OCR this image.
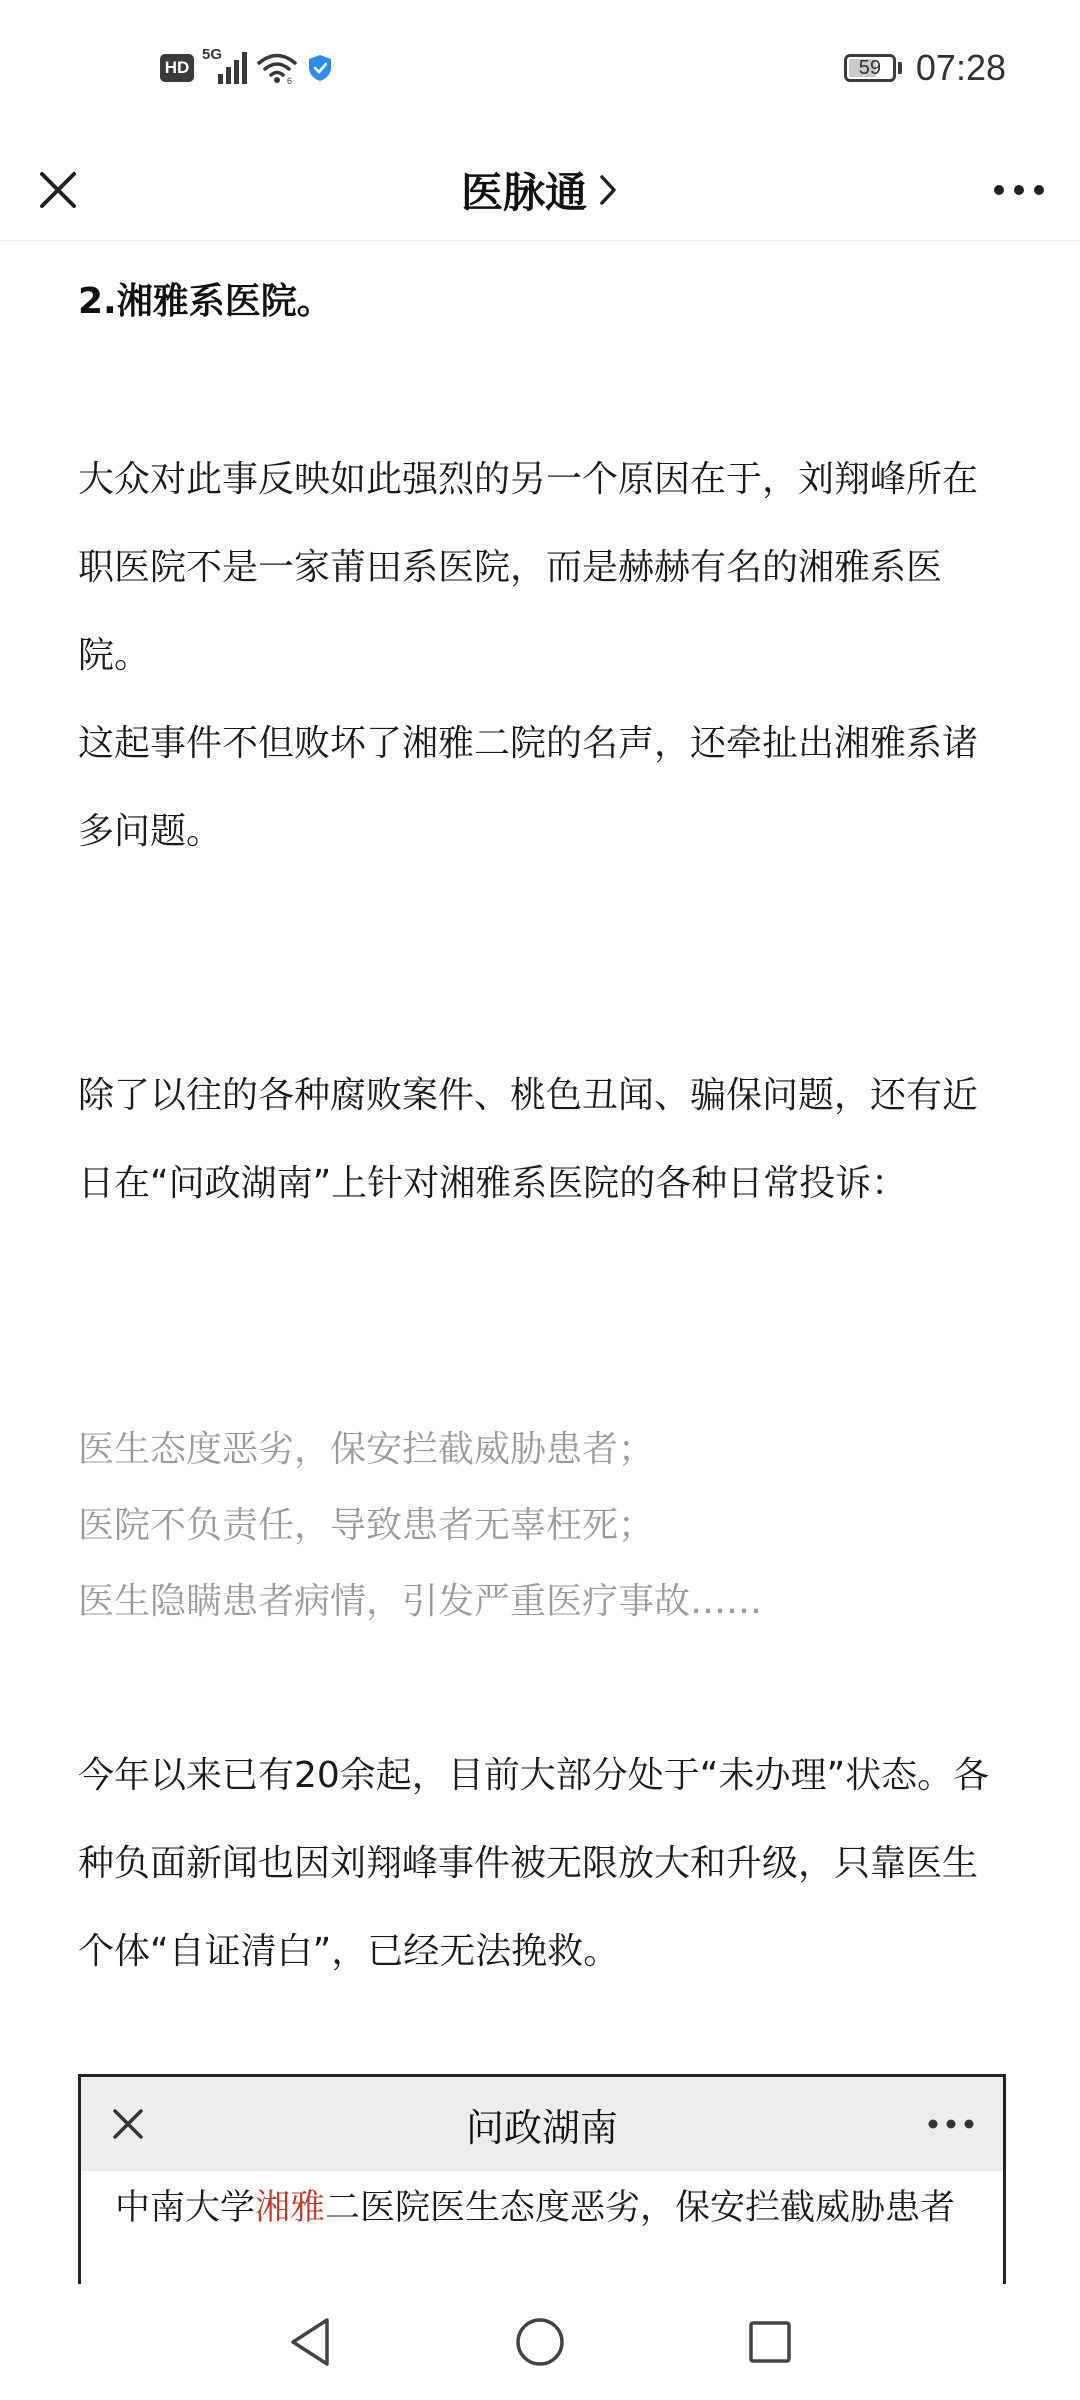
HD
5G
6
59 07:28
医脉通
2.湘雅系医院。
大众对此事反映如此强烈的另一个原因在于，刘翔峰所在职医院不是一家莆田系医院，而是赫赫有名的湘雅系医院。
这起事件不但败坏了湘雅二院的名声，还牵扯出湘雅系诸多问题。
除了以往的各种腐败案件、桃色丑闻、骗保问题，还有近日在“问政湖南”上针对湘雅系医院的各种日常投诉：
医生态度恶劣，保安拦截威胁患者；
医院不负责任，导致患者无辜枉死；
医生隐瞒患者病情，引发严重医疗事故……
今年以来已有20余起，目前大部分处于“未办理”状态。各种负面新闻也因刘翔峰事件被无限放大和升级，只靠医生个体“自证清白”，已经无法挽救。
问政湖南
中南大学湘雅二医院医生态度恶劣，保安拦截威胁患者
